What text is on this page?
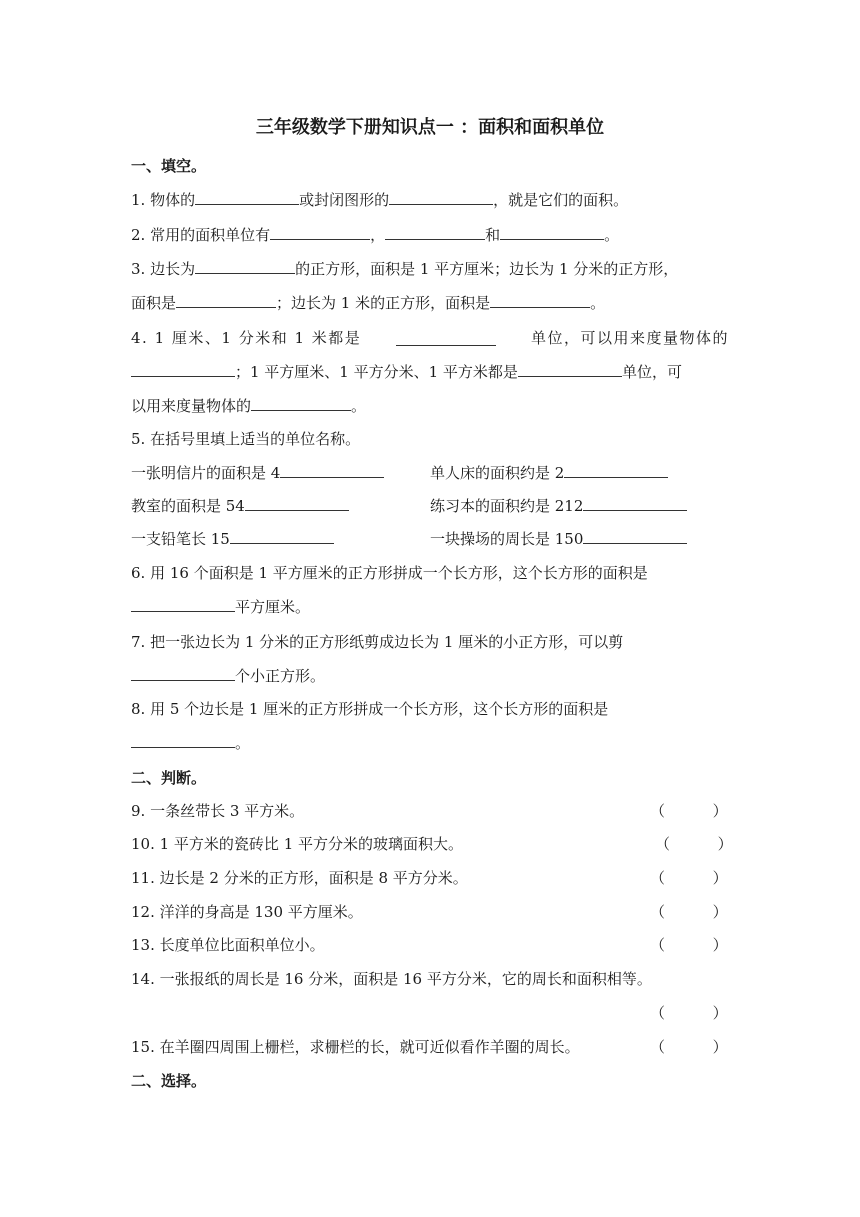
三年级数学下册知识点一 ：面积和面积单位
一、填空。
1. 物体的	或封闭图形的	，就是它们的面积。
2. 常用的面积单位有	，	和	。
3. 边长为	的正方形，面积是 1 平方厘米；边长为 1 分米的正方形，
面积是	；边长为 1 米的正方形，面积是	。
4. 1 厘米、1 分米和 1 米都是	单位，可以用来度量物体的
；1 平方厘米、1 平方分米、1 平方米都是	单位，可
以用来度量物体的	。
5. 在括号里填上适当的单位名称。
一张明信片的面积是 4	单人床的面积约是 2
教室的面积是 54	练习本的面积约是 212
一支铅笔长 15	一块操场的周长是 150
6. 用 16 个面积是 1 平方厘米的正方形拼成一个长方形，这个长方形的面积是
平方厘米。
7. 把一张边长为 1 分米的正方形纸剪成边长为 1 厘米的小正方形，可以剪
个小正方形。
8. 用 5 个边长是 1 厘米的正方形拼成一个长方形，这个长方形的面积是
。
二、判断。
9. 一条丝带长 3 平方米。	（          ）
10. 1 平方米的瓷砖比 1 平方分米的玻璃面积大。	（          ）
11. 边长是 2 分米的正方形，面积是 8 平方分米。	（          ）
12. 洋洋的身高是 130 平方厘米。	（          ）
13. 长度单位比面积单位小。	（          ）
14. 一张报纸的周长是 16 分米，面积是 16 平方分米，它的周长和面积相等。
（          ）
15. 在羊圈四周围上栅栏，求栅栏的长，就可近似看作羊圈的周长。	（          ）
二、选择。
